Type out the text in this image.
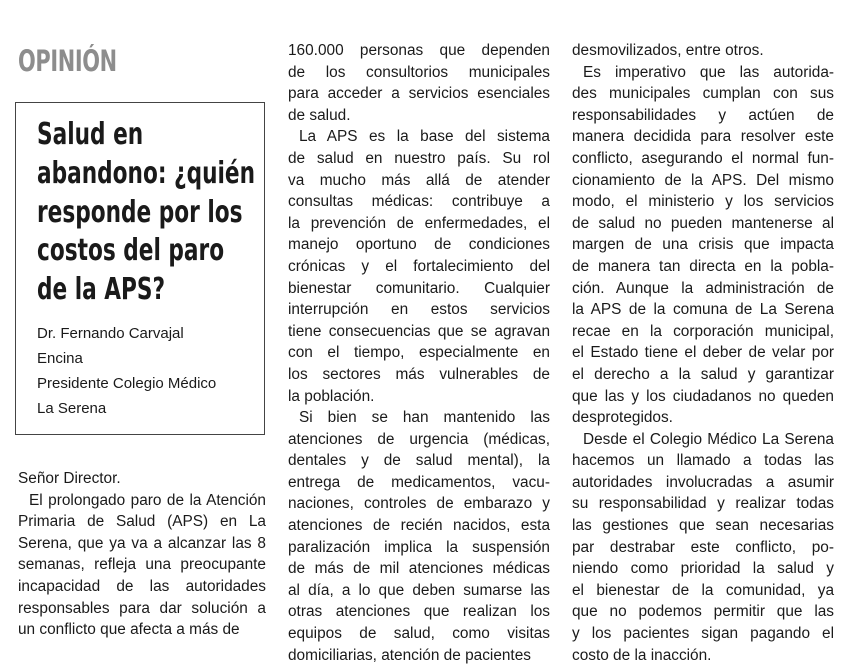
OPINIÓN
Salud en
abandono: ¿quién
responde por los
costos del paro
de la APS?
Dr. Fernando Carvajal
Encina
Presidente Colegio Médico
La Serena
Señor Director.
El prolongado paro de la Atención
Primaria de Salud (APS) en La
Serena, que ya va a alcanzar las 8
semanas, refleja una preocupante
incapacidad de las autoridades
responsables para dar solución a
un conflicto que afecta a más de
160.000 personas que dependen
de los consultorios municipales
para acceder a servicios esenciales
de salud.
La APS es la base del sistema
de salud en nuestro país. Su rol
va mucho más allá de atender
consultas médicas: contribuye a
la prevención de enfermedades, el
manejo oportuno de condiciones
crónicas y el fortalecimiento del
bienestar comunitario. Cualquier
interrupción en estos servicios
tiene consecuencias que se agravan
con el tiempo, especialmente en
los sectores más vulnerables de
la población.
Si bien se han mantenido las
atenciones de urgencia (médicas,
dentales y de salud mental), la
entrega de medicamentos, vacu-
naciones, controles de embarazo y
atenciones de recién nacidos, esta
paralización implica la suspensión
de más de mil atenciones médicas
al día, a lo que deben sumarse las
otras atenciones que realizan los
equipos de salud, como visitas
domiciliarias, atención de pacientes
desmovilizados, entre otros.
Es imperativo que las autorida-
des municipales cumplan con sus
responsabilidades y actúen de
manera decidida para resolver este
conflicto, asegurando el normal fun-
cionamiento de la APS. Del mismo
modo, el ministerio y los servicios
de salud no pueden mantenerse al
margen de una crisis que impacta
de manera tan directa en la pobla-
ción. Aunque la administración de
la APS de la comuna de La Serena
recae en la corporación municipal,
el Estado tiene el deber de velar por
el derecho a la salud y garantizar
que las y los ciudadanos no queden
desprotegidos.
Desde el Colegio Médico La Serena
hacemos un llamado a todas las
autoridades involucradas a asumir
su responsabilidad y realizar todas
las gestiones que sean necesarias
par destrabar este conflicto, po-
niendo como prioridad la salud y
el bienestar de la comunidad, ya
que no podemos permitir que las
y los pacientes sigan pagando el
costo de la inacción.
